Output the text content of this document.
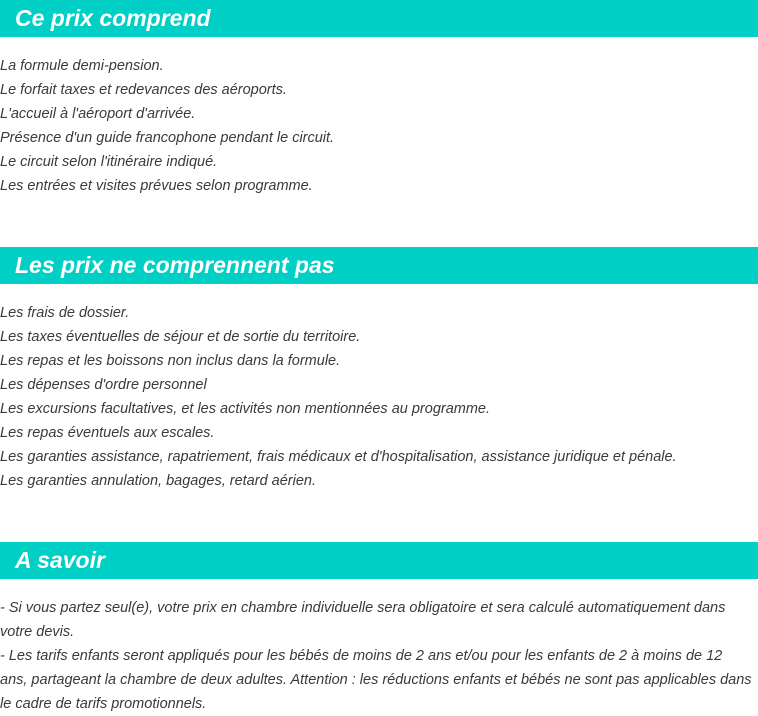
Ce prix comprend
La formule demi-pension.
Le forfait taxes et redevances des aéroports.
L'accueil à l'aéroport d'arrivée.
Présence d'un guide francophone pendant le circuit.
Le circuit selon l'itinéraire indiqué.
Les entrées et visites prévues selon programme.
Les prix ne comprennent pas
Les frais de dossier.
Les taxes éventuelles de séjour et de sortie du territoire.
Les repas et les boissons non inclus dans la formule.
Les dépenses d'ordre personnel
Les excursions facultatives, et les activités non mentionnées au programme.
Les repas éventuels aux escales.
Les garanties assistance, rapatriement, frais médicaux et d'hospitalisation, assistance juridique et pénale.
Les garanties annulation, bagages, retard aérien.
A savoir

- Si vous partez seul(e), votre prix en chambre individuelle sera obligatoire et sera calculé automatiquement dans votre devis.

- Les tarifs enfants seront appliqués pour les bébés de moins de 2 ans et/ou pour les enfants de 2 à moins de 12 ans, partageant la chambre de deux adultes. Attention : les réductions enfants et bébés ne sont pas applicables dans le cadre de tarifs promotionnels.
